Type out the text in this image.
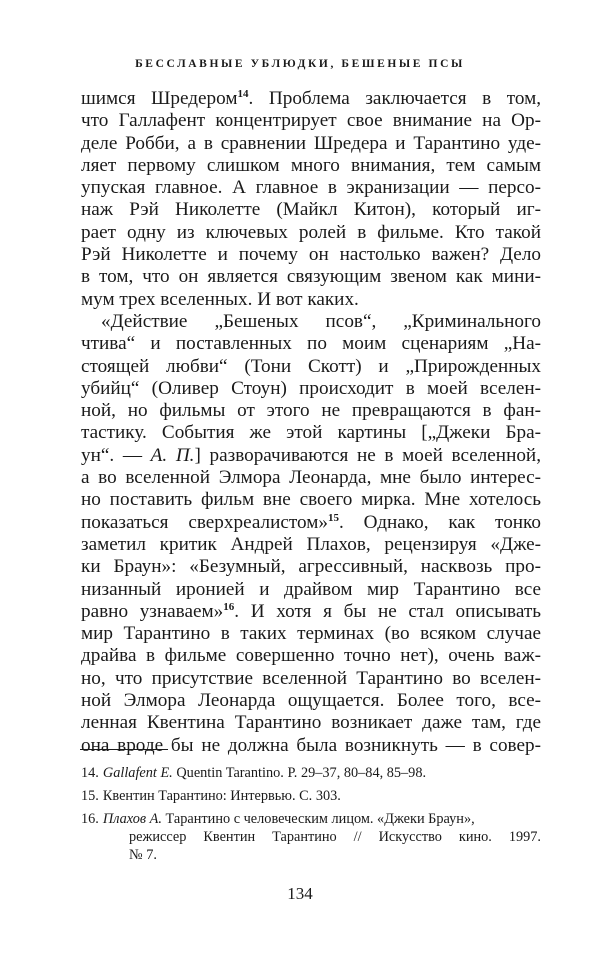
БЕССЛАВНЫЕ УБЛЮДКИ, БЕШЕНЫЕ ПСЫ
шимся Шредером$^{14}$. Проблема заключается в том,
что Галлафент концентрирует свое внимание на Ор-
деле Робби, а в сравнении Шредера и Тарантино уде-
ляет первому слишком много внимания, тем самым
упуская главное. А главное в экранизации — персо-
наж Рэй Николетте (Майкл Китон), который иг-
рает одну из ключевых ролей в фильме. Кто такой
Рэй Николетте и почему он настолько важен? Дело
в том, что он является связующим звеном как мини-
мум трех вселенных. И вот каких.
«Действие „Бешеных псов“, „Криминального
чтива“ и поставленных по моим сценариям „На-
стоящей любви“ (Тони Скотт) и „Прирожденных
убийц“ (Оливер Стоун) происходит в моей вселен-
ной, но фильмы от этого не превращаются в фан-
тастику. События же этой картины [„Джеки Бра-
ун“. — А. П.] разворачиваются не в моей вселенной,
а во вселенной Элмора Леонарда, мне было интерес-
но поставить фильм вне своего мирка. Мне хотелось
показаться сверхреалистом»$^{15}$. Однако, как тонко
заметил критик Андрей Плахов, рецензируя «Дже-
ки Браун»: «Безумный, агрессивный, насквозь про-
низанный иронией и драйвом мир Тарантино все
равно узнаваем»$^{16}$. И хотя я бы не стал описывать
мир Тарантино в таких терминах (во всяком случае
драйва в фильме совершенно точно нет), очень важ-
но, что присутствие вселенной Тарантино во вселен-
ной Элмора Леонарда ощущается. Более того, все-
ленная Квентина Тарантино возникает даже там, где
она вроде бы не должна была возникнуть — в совер-
14. Gallafent E. Quentin Tarantino. P. 29–37, 80–84, 85–98.
15. Квентин Тарантино: Интервью. С. 303.
16. Плахов А. Тарантино с человеческим лицом. «Джеки Браун»,
режиссер Квентин Тарантино // Искусство кино. 1997.
№ 7.
134
